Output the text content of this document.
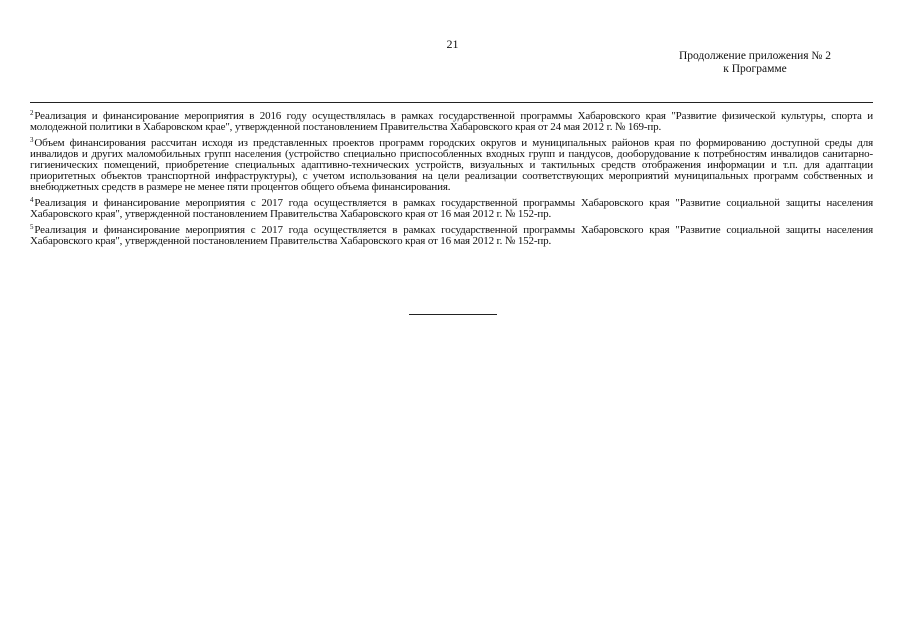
21
Продолжение приложения № 2
к Программе

$^2$Реализация и финансирование мероприятия в 2016 году осуществлялась в рамках государственной программы Хабаровского края "Развитие физической культуры, спорта и молодежной политики в Хабаровском крае", утвержденной постановлением Правительства Хабаровского края от 24 мая 2012 г. № 169-пр.

$^3$Объем финансирования рассчитан исходя из представленных проектов программ городских округов и муниципальных районов края по формированию доступной среды для инвалидов и других маломобильных групп населения (устройство специально приспособленных входных групп и пандусов, дооборудование к потребностям инвалидов санитарно-гигиенических помещений, приобретение специальных адаптивно-технических устройств, визуальных и тактильных средств отображения информации и т.п. для адаптации приоритетных объектов транспортной инфраструктуры), с учетом использования на цели реализации соответствующих мероприятий муниципальных программ собственных и внебюджетных средств в размере не менее пяти процентов общего объема финансирования.

$^4$Реализация и финансирование мероприятия с 2017 года осуществляется в рамках государственной программы Хабаровского края "Развитие социальной защиты населения Хабаровского края", утвержденной постановлением Правительства Хабаровского края от 16 мая 2012 г. № 152-пр.

$^5$Реализация и финансирование мероприятия с 2017 года осуществляется в рамках государственной программы Хабаровского края "Развитие социальной защиты населения Хабаровского края", утвержденной постановлением Правительства Хабаровского края от 16 мая 2012 г. № 152-пр.
